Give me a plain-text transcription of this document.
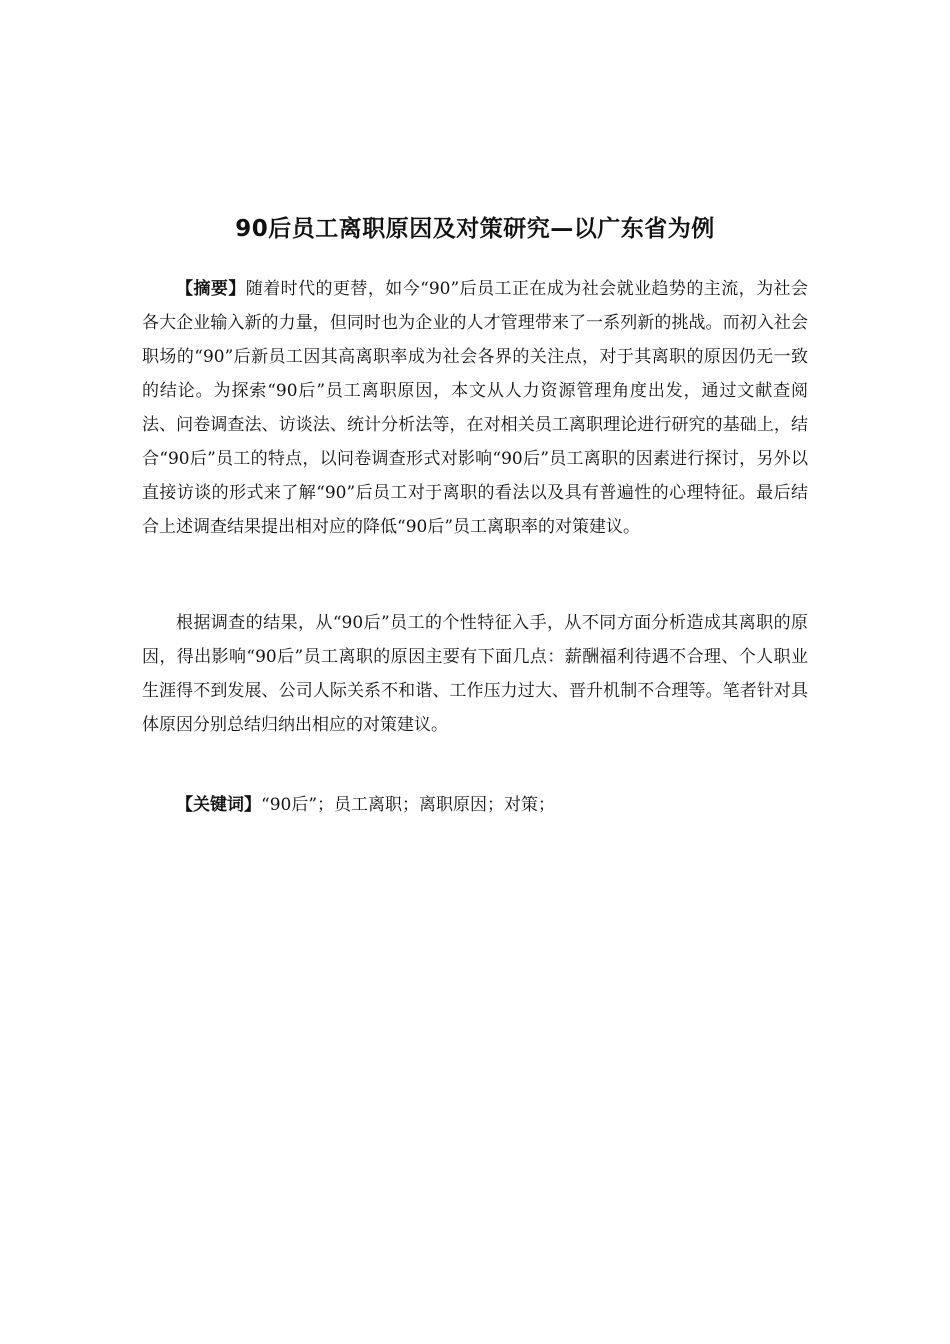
90后员工离职原因及对策研究—以广东省为例

【摘要】随着时代的更替，如今“90”后员工正在成为社会就业趋势的主流，为社会各大企业输入新的力量，但同时也为企业的人才管理带来了一系列新的挑战。而初入社会职场的“90”后新员工因其高离职率成为社会各界的关注点，对于其离职的原因仍无一致的结论。为探索“90后”员工离职原因，本文从人力资源管理角度出发，通过文献查阅法、问卷调查法、访谈法、统计分析法等，在对相关员工离职理论进行研究的基础上，结合“90后”员工的特点，以问卷调查形式对影响“90后”员工离职的因素进行探讨，另外以直接访谈的形式来了解“90”后员工对于离职的看法以及具有普遍性的心理特征。最后结合上述调查结果提出相对应的降低“90后”员工离职率的对策建议。

根据调查的结果，从“90后”员工的个性特征入手，从不同方面分析造成其离职的原因，得出影响“90后”员工离职的原因主要有下面几点：薪酬福利待遇不合理、个人职业生涯得不到发展、公司人际关系不和谐、工作压力过大、晋升机制不合理等。笔者针对具体原因分别总结归纳出相应的对策建议。

【关键词】“90后”；员工离职；离职原因；对策；
